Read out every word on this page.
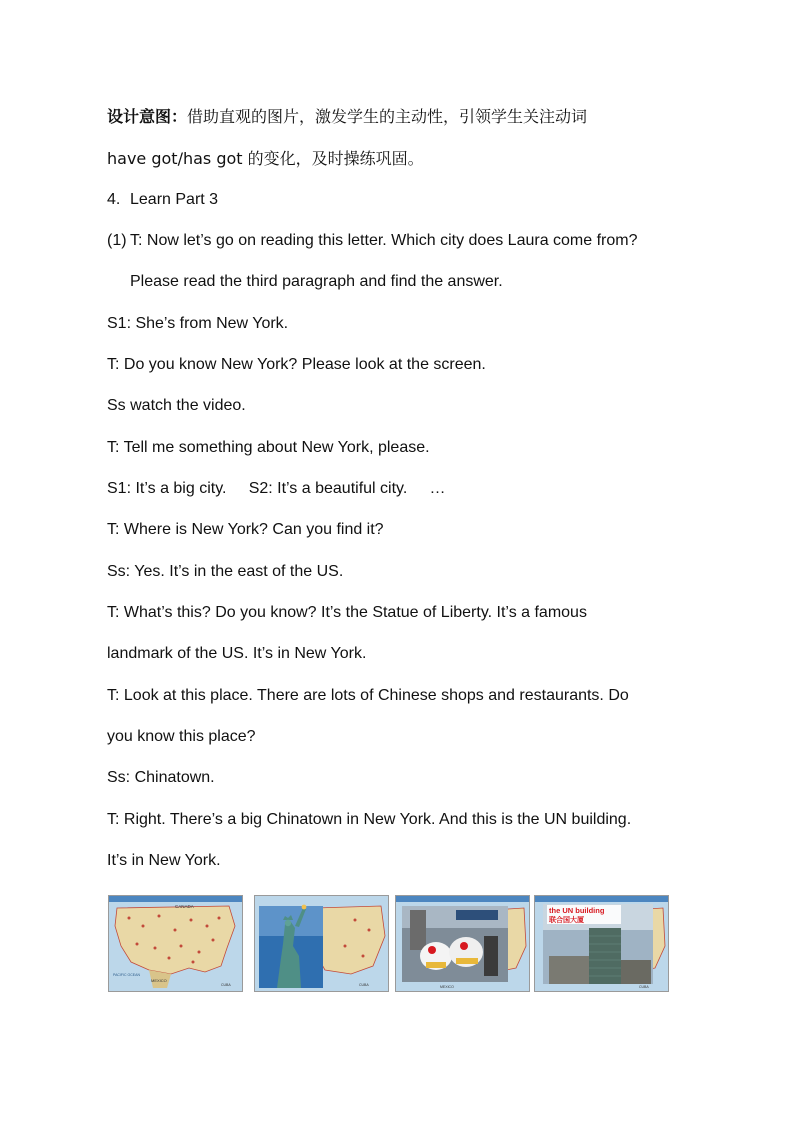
设计意图：借助直观的图片，激发学生的主动性，引领学生关注动词
have got/has got 的变化，及时操练巩固。
4. Learn Part 3
(1) T: Now let’s go on reading this letter. Which city does Laura come from?
Please read the third paragraph and find the answer.
S1: She’s from New York.
T: Do you know New York? Please look at the screen.
Ss watch the video.
T: Tell me something about New York, please.
S1: It’s a big city.     S2: It’s a beautiful city.     …
T: Where is New York? Can you find it?
Ss: Yes. It’s in the east of the US.
T: What’s this? Do you know? It’s the Statue of Liberty. It’s a famous
landmark of the US. It’s in New York.
T: Look at this place. There are lots of Chinese shops and restaurants. Do
you know this place?
Ss: Chinatown.
T: Right. There’s a big Chinatown in New York. And this is the UN building.
It’s in New York.
CANADA
MEXICO
PACIFIC OCEAN
CUBA	CUBA	MEXICO
the UN building
联合国大厦
CUBA
